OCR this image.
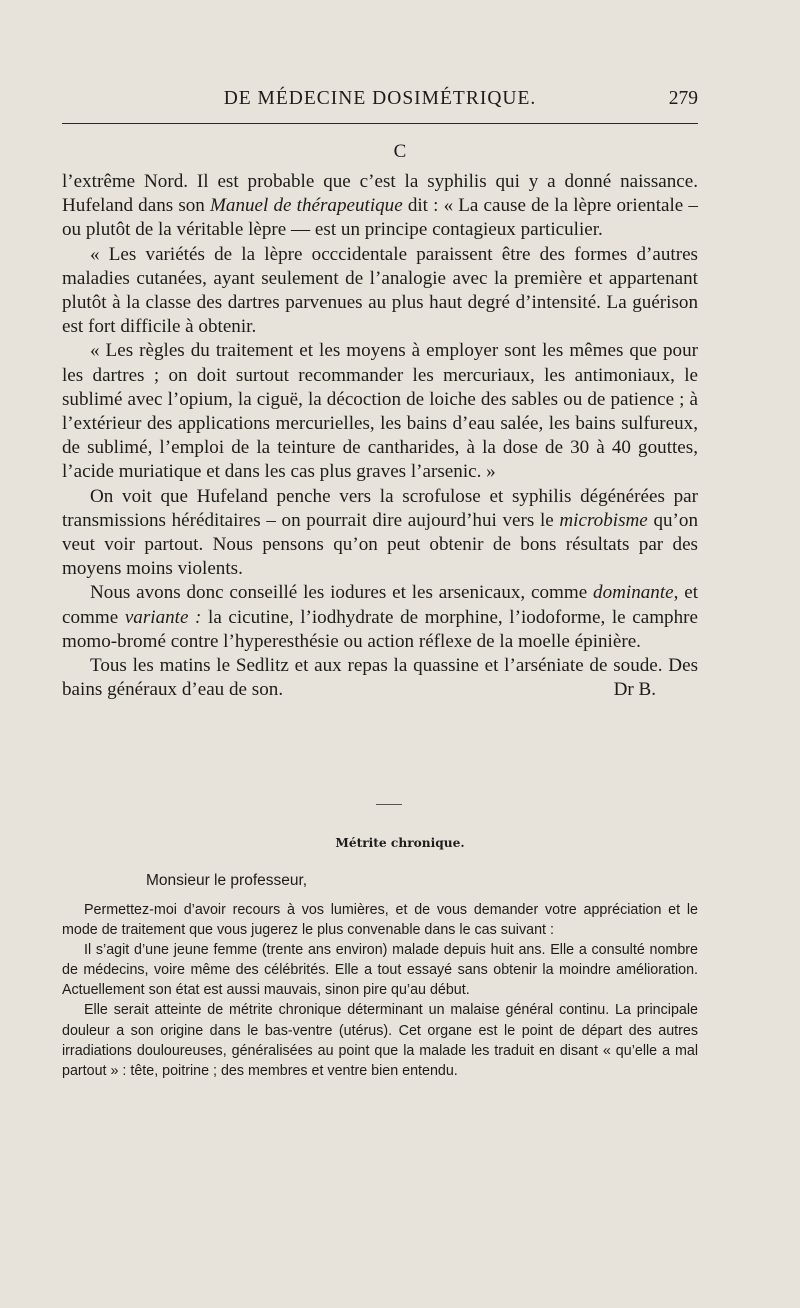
DE MÉDECINE DOSIMÉTRIQUE.	279
C

l’extrême Nord. Il est probable que c’est la syphilis qui y a donné naissance. Hufeland dans son Manuel de thérapeutique dit : « La cause de la lèpre orientale – ou plutôt de la véritable lèpre — est un principe contagieux particulier.

« Les variétés de la lèpre occcidentale paraissent être des formes d’autres maladies cutanées, ayant seulement de l’analogie avec la première et appartenant plutôt à la classe des dartres parvenues au plus haut degré d’intensité. La guérison est fort difficile à obtenir.

« Les règles du traitement et les moyens à employer sont les mêmes que pour les dartres ; on doit surtout recommander les mercuriaux, les antimoniaux, le sublimé avec l’opium, la ciguë, la décoction de loiche des sables ou de patience ; à l’extérieur des applications mercurielles, les bains d’eau salée, les bains sulfureux, de sublimé, l’emploi de la teinture de cantharides, à la dose de 30 à 40 gouttes, l’acide muriatique et dans les cas plus graves l’arsenic. »

On voit que Hufeland penche vers la scrofulose et syphilis dégénérées par transmissions héréditaires – on pourrait dire aujourd’hui vers le microbisme qu’on veut voir partout. Nous pensons qu’on peut obtenir de bons résultats par des moyens moins violents.

Nous avons donc conseillé les iodures et les arsenicaux, comme dominante, et comme variante : la cicutine, l’iodhydrate de morphine, l’iodoforme, le camphre momo-bromé contre l’hyperesthésie ou action réflexe de la moelle épinière.

Tous les matins le Sedlitz et aux repas la quassine et l’arséniate de soude. Des bains généraux d’eau de son.	Dr B.

Métrite chronique.
Monsieur le professeur,

Permettez-moi d’avoir recours à vos lumières, et de vous demander votre appréciation et le mode de traitement que vous jugerez le plus convenable dans le cas suivant :

Il s’agit d’une jeune femme (trente ans environ) malade depuis huit ans. Elle a consulté nombre de médecins, voire même des célébrités. Elle a tout essayé sans obtenir la moindre amélioration. Actuellement son état est aussi mauvais, sinon pire qu’au début.

Elle serait atteinte de métrite chronique déterminant un malaise général continu. La principale douleur a son origine dans le bas-ventre (utérus). Cet organe est le point de départ des autres irradiations douloureuses, généralisées au point que la malade les traduit en disant « qu’elle a mal partout » : tête, poitrine ; des membres et ventre bien entendu.
